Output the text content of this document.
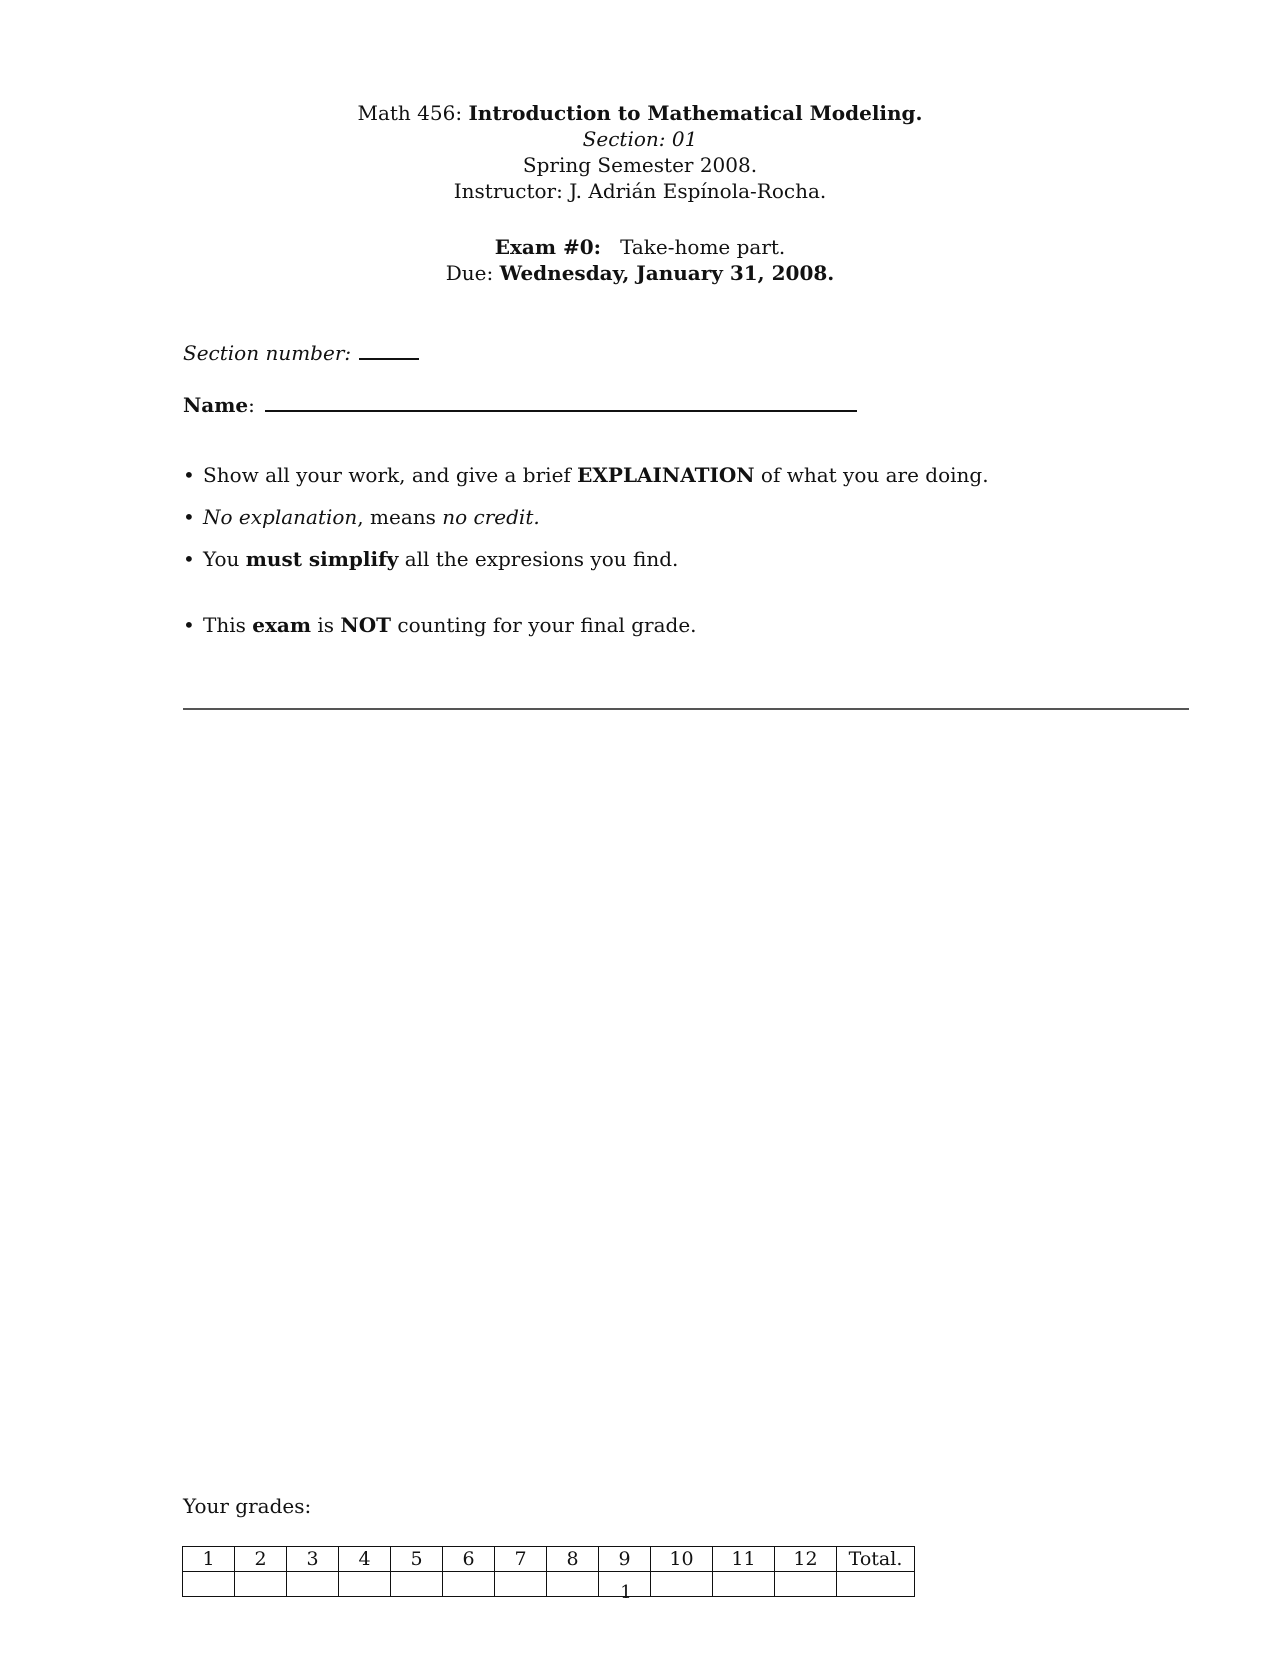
Math 456: Introduction to Mathematical Modeling.
Section: 01
Spring Semester 2008.
Instructor: J. Adrián Espínola-Rocha.
Exam #0: Take-home part.
Due: Wednesday, January 31, 2008.
Section number:
Name:
• Show all your work, and give a brief EXPLAINATION of what you are doing.
• No explanation, means no credit.
• You must simplify all the expresions you find.
• This exam is NOT counting for your final grade.
Your grades:
1	2	3	4	5	6	7	8	9	10	11	12	Total.

1
